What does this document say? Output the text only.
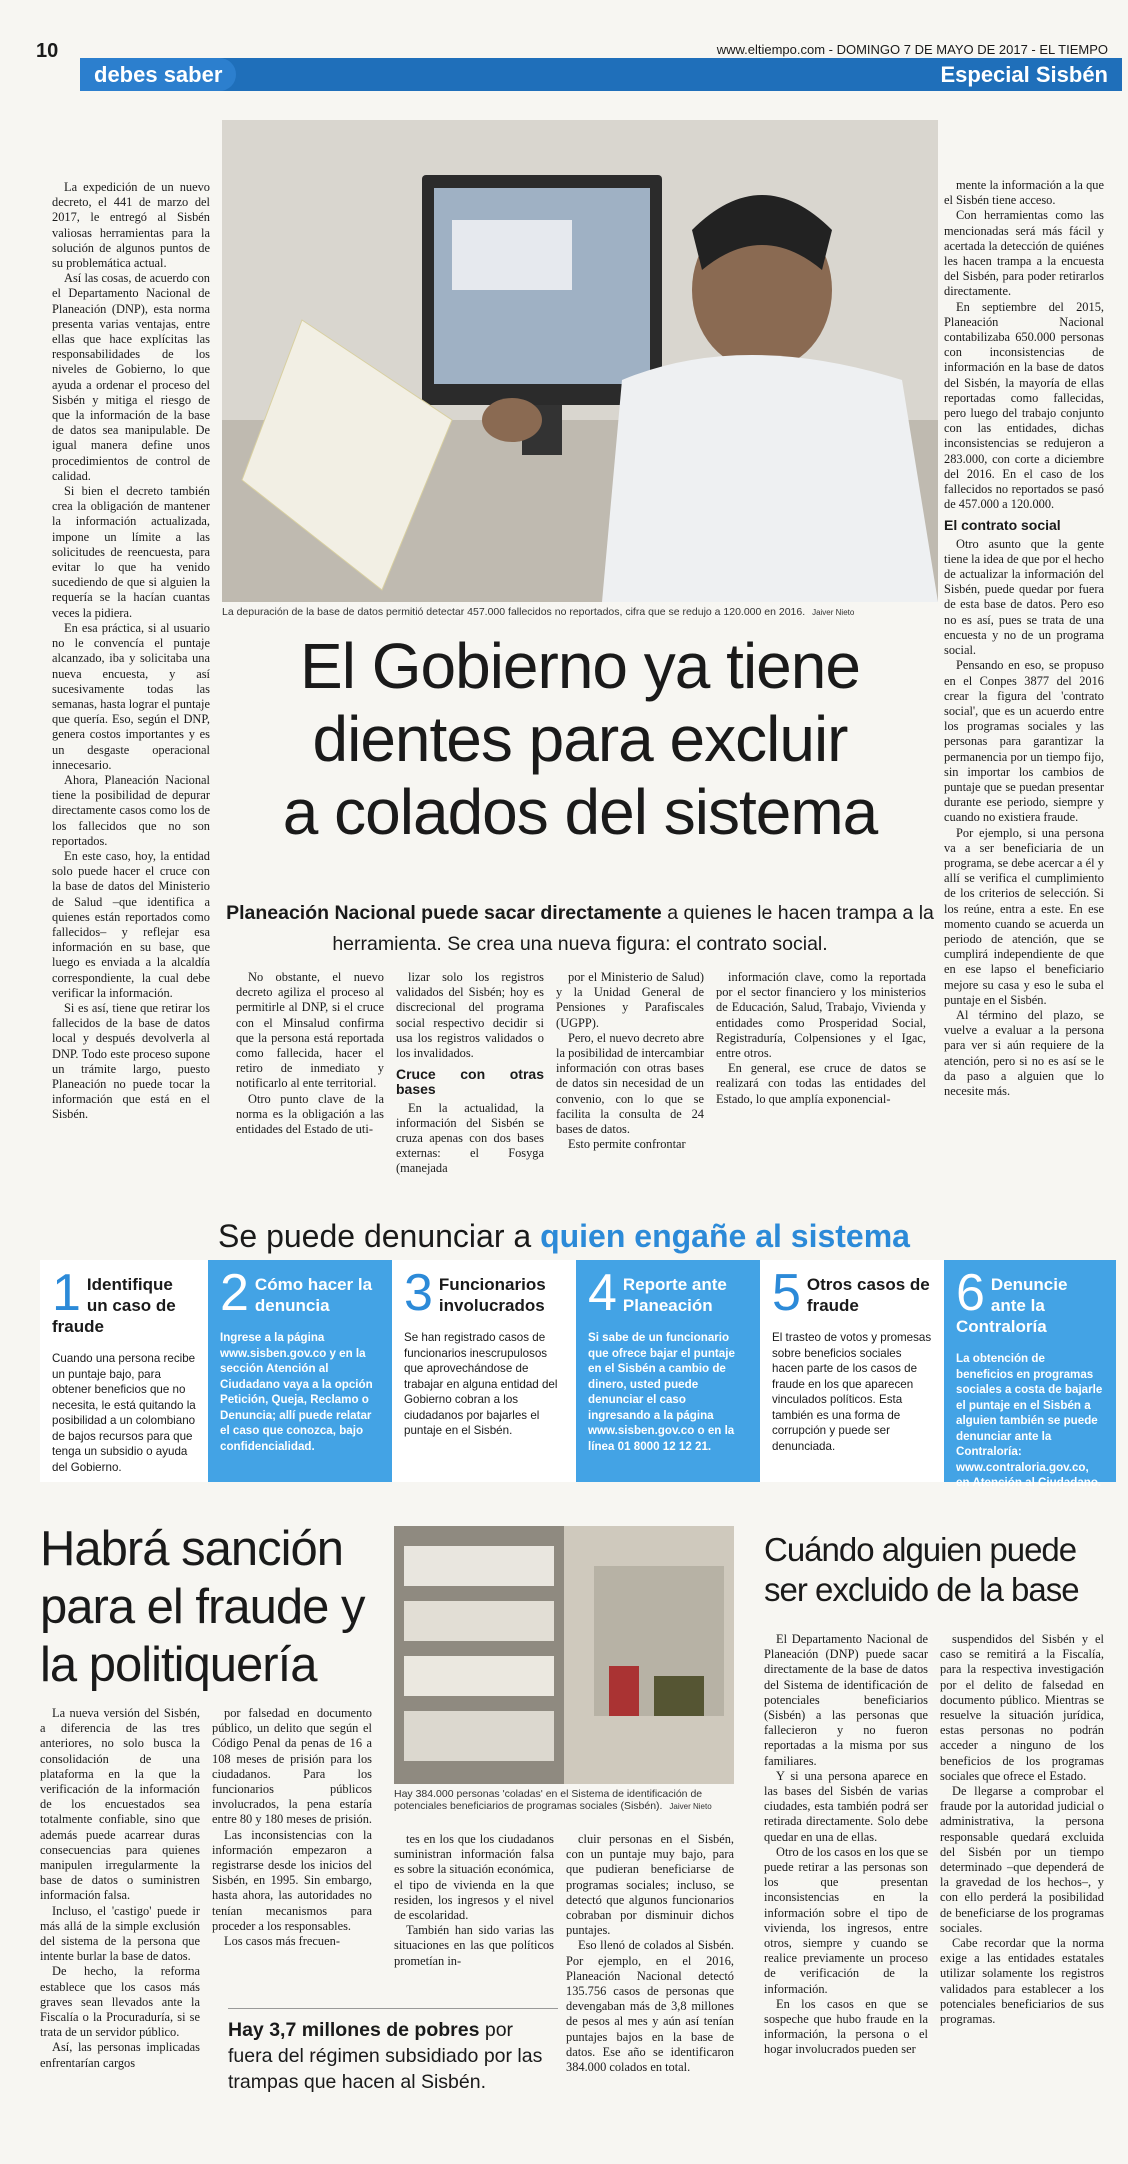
10	www.eltiempo.com - DOMINGO 7 DE MAYO DE 2017 - EL TIEMPO
debes saber	Especial Sisbén
La depuración de la base de datos permitió detectar 457.000 fallecidos no reportados, cifra que se redujo a 120.000 en 2016. Jaiver Nieto
El Gobierno ya tiene
dientes para excluir
a colados del sistema
Planeación Nacional puede sacar directamente a quienes le hacen trampa a la herramienta. Se crea una nueva figura: el contrato social.

La expedición de un nuevo decreto, el 441 de marzo del 2017, le entregó al Sisbén valiosas herramientas para la solución de algunos puntos de su problemática actual.

Así las cosas, de acuerdo con el Departamento Nacional de Planeación (DNP), esta norma presenta varias ventajas, entre ellas que hace explícitas las responsabilidades de los niveles de Gobierno, lo que ayuda a ordenar el proceso del Sisbén y mitiga el riesgo de que la información de la base de datos sea manipulable. De igual manera define unos procedimientos de control de calidad.

Si bien el decreto también crea la obligación de mantener la información actualizada, impone un límite a las solicitudes de reencuesta, para evitar lo que ha venido sucediendo de que si alguien la requería se la hacían cuantas veces la pidiera.

En esa práctica, si al usuario no le convencía el puntaje alcanzado, iba y solicitaba una nueva encuesta, y así sucesivamente todas las semanas, hasta lograr el puntaje que quería. Eso, según el DNP, genera costos importantes y es un desgaste operacional innecesario.

Ahora, Planeación Nacional tiene la posibilidad de depurar directamente casos como los de los fallecidos que no son reportados.

En este caso, hoy, la entidad solo puede hacer el cruce con la base de datos del Ministerio de Salud –que identifica a quienes están reportados como fallecidos– y reflejar esa información en su base, que luego es enviada a la alcaldía correspondiente, la cual debe verificar la información.

Si es así, tiene que retirar los fallecidos de la base de datos local y después devolverla al DNP. Todo este proceso supone un trámite largo, puesto Planeación no puede tocar la información que está en el Sisbén.

No obstante, el nuevo decreto agiliza el proceso al permitirle al DNP, si el cruce con el Minsalud confirma que la persona está reportada como fallecida, hacer el retiro de inmediato y notificarlo al ente territorial.

Otro punto clave de la norma es la obligación a las entidades del Estado de uti-

lizar solo los registros validados del Sisbén; hoy es discrecional del programa social respectivo decidir si usa los registros validados o los invalidados.

Cruce con otras bases

En la actualidad, la información del Sisbén se cruza apenas con dos bases externas: el Fosyga (manejada

por el Ministerio de Salud) y la Unidad General de Pensiones y Parafiscales (UGPP).

Pero, el nuevo decreto abre la posibilidad de intercambiar información con otras bases de datos sin necesidad de un convenio, con lo que se facilita la consulta de 24 bases de datos.

Esto permite confrontar

información clave, como la reportada por el sector financiero y los ministerios de Educación, Salud, Trabajo, Vivienda y entidades como Prosperidad Social, Registraduría, Colpensiones y el Igac, entre otros.

En general, ese cruce de datos se realizará con todas las entidades del Estado, lo que amplía exponencial-

mente la información a la que el Sisbén tiene acceso.

Con herramientas como las mencionadas será más fácil y acertada la detección de quiénes les hacen trampa a la encuesta del Sisbén, para poder retirarlos directamente.

En septiembre del 2015, Planeación Nacional contabilizaba 650.000 personas con inconsistencias de información en la base de datos del Sisbén, la mayoría de ellas reportadas como fallecidas, pero luego del trabajo conjunto con las entidades, dichas inconsistencias se redujeron a 283.000, con corte a diciembre del 2016. En el caso de los fallecidos no reportados se pasó de 457.000 a 120.000.

El contrato social

Otro asunto que la gente tiene la idea de que por el hecho de actualizar la información del Sisbén, puede quedar por fuera de esta base de datos. Pero eso no es así, pues se trata de una encuesta y no de un programa social.

Pensando en eso, se propuso en el Conpes 3877 del 2016 crear la figura del 'contrato social', que es un acuerdo entre los programas sociales y las personas para garantizar la permanencia por un tiempo fijo, sin importar los cambios de puntaje que se puedan presentar durante ese periodo, siempre y cuando no existiera fraude.

Por ejemplo, si una persona va a ser beneficiaria de un programa, se debe acercar a él y allí se verifica el cumplimiento de los criterios de selección. Si los reúne, entra a este. En ese momento cuando se acuerda un periodo de atención, que se cumplirá independiente de que en ese lapso el beneficiario mejore su casa y eso le suba el puntaje en el Sisbén.

Al término del plazo, se vuelve a evaluar a la persona para ver si aún requiere de la atención, pero si no es así se le da paso a alguien que lo necesite más.

Se puede denunciar a quien engañe al sistema
1 Identifique un caso de fraude
Cuando una persona recibe un puntaje bajo, para obtener beneficios que no necesita, le está quitando la posibilidad a un colombiano de bajos recursos para que tenga un subsidio o ayuda del Gobierno.
2 Cómo hacer la denuncia
Ingrese a la página www.sisben.gov.co y en la sección Atención al Ciudadano vaya a la opción Petición, Queja, Reclamo o Denuncia; allí puede relatar el caso que conozca, bajo confidencialidad.
3 Funcionarios involucrados
Se han registrado casos de funcionarios inescrupulosos que aprovechándose de trabajar en alguna entidad del Gobierno cobran a los ciudadanos por bajarles el puntaje en el Sisbén.
4 Reporte ante Planeación
Si sabe de un funcionario que ofrece bajar el puntaje en el Sisbén a cambio de dinero, usted puede denunciar el caso ingresando a la página www.sisben.gov.co o en la línea 01 8000 12 12 21.
5 Otros casos de fraude
El trasteo de votos y promesas sobre beneficios sociales hacen parte de los casos de fraude en los que aparecen vinculados políticos. Esta también es una forma de corrupción y puede ser denunciada.
6 Denuncie ante la Contraloría
La obtención de beneficios en programas sociales a costa de bajarle el puntaje en el Sisbén a alguien también se puede denunciar ante la Contraloría: www.contraloria.gov.co, en Atención al Ciudadano.
Habrá sanción
para el fraude y
la politiquería

La nueva versión del Sisbén, a diferencia de las tres anteriores, no solo busca la consolidación de una plataforma en la que la verificación de la información de los encuestados sea totalmente confiable, sino que además puede acarrear duras consecuencias para quienes manipulen irregularmente la base de datos o suministren información falsa.

Incluso, el 'castigo' puede ir más allá de la simple exclusión del sistema de la persona que intente burlar la base de datos.

De hecho, la reforma establece que los casos más graves sean llevados ante la Fiscalía o la Procuraduría, si se trata de un servidor público.

Así, las personas implicadas enfrentarían cargos

por falsedad en documento público, un delito que según el Código Penal da penas de 16 a 108 meses de prisión para los ciudadanos. Para los funcionarios públicos involucrados, la pena estaría entre 80 y 180 meses de prisión.

Las inconsistencias con la información empezaron a registrarse desde los inicios del Sisbén, en 1995. Sin embargo, hasta ahora, las autoridades no tenían mecanismos para proceder a los responsables.

Los casos más frecuen-

Hay 384.000 personas 'coladas' en el Sistema de identificación de potenciales beneficiarios de programas sociales (Sisbén). Jaiver Nieto

tes en los que los ciudadanos suministran información falsa es sobre la situación económica, el tipo de vivienda en la que residen, los ingresos y el nivel de escolaridad.

También han sido varias las situaciones en las que políticos prometían in-

cluir personas en el Sisbén, con un puntaje muy bajo, para que pudieran beneficiarse de programas sociales; incluso, se detectó que algunos funcionarios cobraban por disminuir dichos puntajes.

Eso llenó de colados al Sisbén. Por ejemplo, en el 2016, Planeación Nacional detectó 135.756 casos de personas que devengaban más de 3,8 millones de pesos al mes y aún así tenían puntajes bajos en la base de datos. Ese año se identificaron 384.000 colados en total.

Hay 3,7 millones de pobres por fuera del régimen subsidiado por las trampas que hacen al Sisbén.
Cuándo alguien puede
ser excluido de la base

El Departamento Nacional de Planeación (DNP) puede sacar directamente de la base de datos del Sistema de identificación de potenciales beneficiarios (Sisbén) a las personas que fallecieron y no fueron reportadas a la misma por sus familiares.

Y si una persona aparece en las bases del Sisbén de varias ciudades, esta también podrá ser retirada directamente. Solo debe quedar en una de ellas.

Otro de los casos en los que se puede retirar a las personas son los que presentan inconsistencias en la información sobre el tipo de vivienda, los ingresos, entre otros, siempre y cuando se realice previamente un proceso de verificación de la información.

En los casos en que se sospeche que hubo fraude en la información, la persona o el hogar involucrados pueden ser

suspendidos del Sisbén y el caso se remitirá a la Fiscalía, para la respectiva investigación por el delito de falsedad en documento público. Mientras se resuelve la situación jurídica, estas personas no podrán acceder a ninguno de los beneficios de los programas sociales que ofrece el Estado.

De llegarse a comprobar el fraude por la autoridad judicial o administrativa, la persona responsable quedará excluida del Sisbén por un tiempo determinado –que dependerá de la gravedad de los hechos–, y con ello perderá la posibilidad de beneficiarse de los programas sociales.

Cabe recordar que la norma exige a las entidades estatales utilizar solamente los registros validados para establecer a los potenciales beneficiarios de sus programas.
